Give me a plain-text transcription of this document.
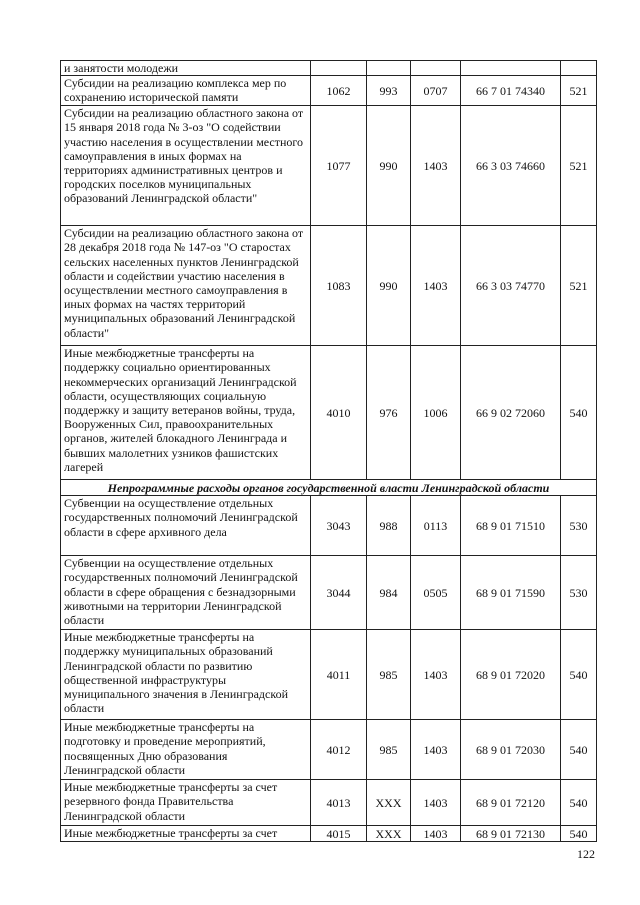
и занятости молодежи					
Субсидии на реализацию комплекса мер по сохранению исторической памяти	1062	993	0707	66 7 01 74340	521
Субсидии на реализацию областного закона от 15 января 2018 года № 3-оз "О содействии участию населения в осуществлении местного самоуправления в иных формах на территориях административных центров и городских поселков муниципальных образований Ленинградской области"	1077	990	1403	66 3 03 74660	521
Субсидии на реализацию областного закона от 28 декабря 2018 года № 147-оз "О старостах сельских населенных пунктов Ленинградской области и содействии участию населения в осуществлении местного самоуправления в иных формах на частях территорий муниципальных образований Ленинградской области"	1083	990	1403	66 3 03 74770	521
Иные межбюджетные трансферты на поддержку социально ориентированных некоммерческих организаций Ленинградской области, осуществляющих социальную поддержку и защиту ветеранов войны, труда, Вооруженных Сил, правоохранительных органов, жителей блокадного Ленинграда и бывших малолетних узников фашистских лагерей	4010	976	1006	66 9 02 72060	540
Непрограммные расходы органов государственной власти Ленинградской области					
Субвенции на осуществление отдельных государственных полномочий Ленинградской области в сфере архивного дела	3043	988	0113	68 9 01 71510	530
Субвенции на осуществление отдельных государственных полномочий Ленинградской области в сфере обращения с безнадзорными животными на территории Ленинградской области	3044	984	0505	68 9 01 71590	530
Иные межбюджетные трансферты на поддержку муниципальных образований Ленинградской области по развитию общественной инфраструктуры муниципального значения в Ленинградской области	4011	985	1403	68 9 01 72020	540
Иные межбюджетные трансферты на подготовку и проведение мероприятий, посвященных Дню образования Ленинградской области	4012	985	1403	68 9 01 72030	540
Иные межбюджетные трансферты за счет резервного фонда Правительства Ленинградской области	4013	XXX	1403	68 9 01 72120	540
Иные межбюджетные трансферты за счет	4015	XXX	1403	68 9 01 72130	540
122
